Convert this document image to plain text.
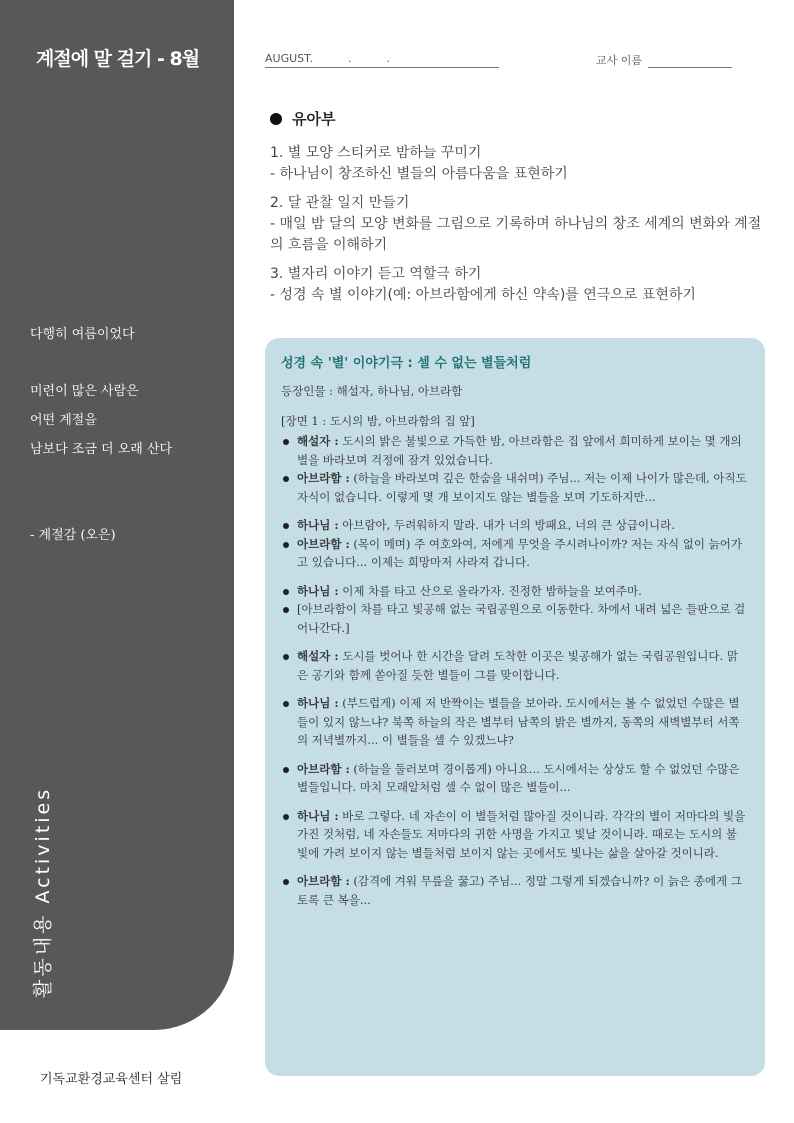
계절에 말 걸기 - 8월
다행히 여름이었다
미련이 많은 사람은
어떤 계절을
남보다 조금 더 오래 산다
- 계절감 (오은)
활동내용 Activities
기독교환경교육센터 살림
AUGUST.          .          .	교사 이름
유아부
1. 별 모양 스티커로 밤하늘 꾸미기
- 하나님이 창조하신 별들의 아름다움을 표현하기
2. 달 관찰 일지 만들기
- 매일 밤 달의 모양 변화를 그림으로 기록하며 하나님의 창조 세계의 변화와 계절의 흐름을 이해하기
3. 별자리 이야기 듣고 역할극 하기
- 성경 속 별 이야기(예: 아브라함에게 하신 약속)를 연극으로 표현하기
성경 속 '별' 이야기극 : 셀 수 없는 별들처럼
등장인물 : 해설자, 하나님, 아브라함
[장면 1 : 도시의 밤, 아브라함의 집 앞]
해설자 : 도시의 밝은 불빛으로 가득한 밤, 아브라함은 집 앞에서 희미하게 보이는 몇 개의 별을 바라보며 걱정에 잠겨 있었습니다.
아브라함 : (하늘을 바라보며 깊은 한숨을 내쉬며) 주님... 저는 이제 나이가 많은데, 아직도 자식이 없습니다. 이렇게 몇 개 보이지도 않는 별들을 보며 기도하지만...
하나님 : 아브람아, 두려워하지 말라. 내가 너의 방패요, 너의 큰 상급이니라.
아브라함 : (목이 메며) 주 여호와여, 저에게 무엇을 주시려나이까? 저는 자식 없이 늙어가고 있습니다... 이제는 희망마저 사라져 갑니다.
하나님 : 이제 차를 타고 산으로 올라가자. 진정한 밤하늘을 보여주마.
[아브라함이 차를 타고 빛공해 없는 국립공원으로 이동한다. 차에서 내려 넓은 들판으로 걸어나간다.]
해설자 : 도시를 벗어나 한 시간을 달려 도착한 이곳은 빛공해가 없는 국립공원입니다. 맑은 공기와 함께 쏟아질 듯한 별들이 그를 맞이합니다.
하나님 : (부드럽게) 이제 저 반짝이는 별들을 보아라. 도시에서는 볼 수 없었던 수많은 별들이 있지 않느냐? 북쪽 하늘의 작은 별부터 남쪽의 밝은 별까지, 동쪽의 새벽별부터 서쪽의 저녁별까지... 이 별들을 셀 수 있겠느냐?
아브라함 : (하늘을 둘러보며 경이롭게) 아니요... 도시에서는 상상도 할 수 없었던 수많은 별들입니다. 마치 모래알처럼 셀 수 없이 많은 별들이...
하나님 : 바로 그렇다. 네 자손이 이 별들처럼 많아질 것이니라. 각각의 별이 저마다의 빛을 가진 것처럼, 네 자손들도 저마다의 귀한 사명을 가지고 빛날 것이니라. 때로는 도시의 불빛에 가려 보이지 않는 별들처럼 보이지 않는 곳에서도 빛나는 삶을 살아갈 것이니라.
아브라함 : (감격에 겨워 무릎을 꿇고) 주님... 정말 그렇게 되겠습니까? 이 늙은 종에게 그토록 큰 복을...
